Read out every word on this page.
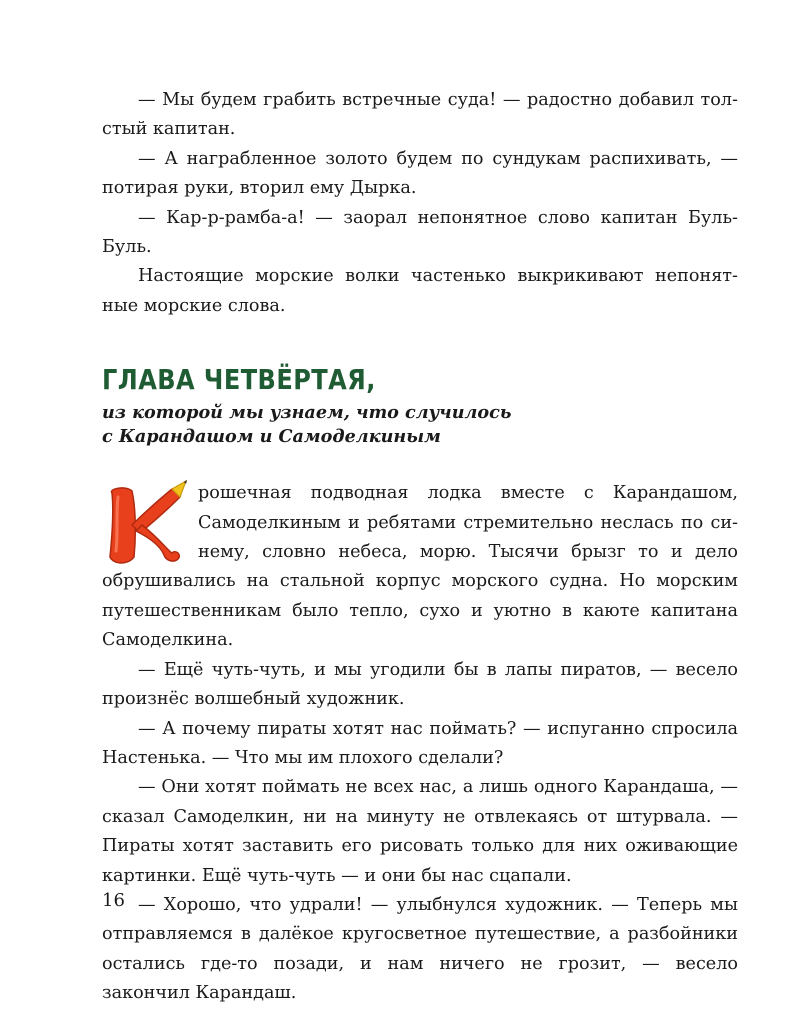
— Мы будем грабить встречные суда! — радостно добавил толстый капитан.

— А награбленное золото будем по сундукам распихивать, — потирая руки, вторил ему Дырка.

— Кар-р-рамба-а! — заорал непонятное слово капитан Буль-Буль.

Настоящие морские волки частенько выкрикивают непонятные морские слова.

ГЛАВА ЧЕТВЁРТАЯ,

из которой мы узнаем, что случилось

с Карандашом и Самоделкиным

рошечная подводная лодка вместе с Карандашом, Самоделкиным и ребятами стремительно неслась по синему, словно небеса, морю. Тысячи брызг то и дело обрушивались на стальной корпус морского судна. Но морским путешественникам было тепло, сухо и уютно в каюте капитана Самоделкина.

— Ещё чуть-чуть, и мы угодили бы в лапы пиратов, — весело произнёс волшебный художник.

— А почему пираты хотят нас поймать? — испуганно спросила Настенька. — Что мы им плохого сделали?

— Они хотят поймать не всех нас, а лишь одного Карандаша, — сказал Самоделкин, ни на минуту не отвлекаясь от штурвала. — Пираты хотят заставить его рисовать только для них оживающие картинки. Ещё чуть-чуть — и они бы нас сцапали.

— Хорошо, что удрали! — улыбнулся художник. — Теперь мы отправляемся в далёкое кругосветное путешествие, а разбойники остались где-то позади, и нам ничего не грозит, — весело закончил Карандаш.

16
